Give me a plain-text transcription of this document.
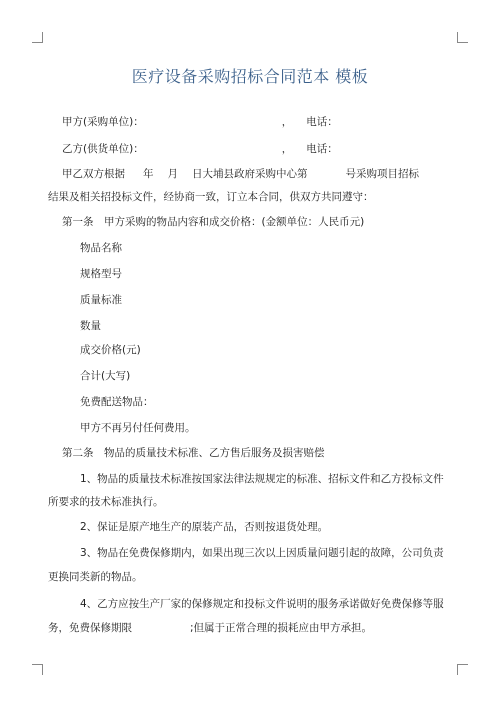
医疗设备采购招标合同范本 模板
甲方(采购单位)：	， 电话：
乙方(供货单位)：	， 电话：
甲乙双方根据 年 月 日大埔县政府采购中心第	号采购项目招标
结果及相关招投标文件，经协商一致，订立本合同，供双方共同遵守：
第一条　甲方采购的物品内容和成交价格：(金额单位：人民币元)
物品名称
规格型号
质量标准
数量
成交价格(元)
合计(大写)
免费配送物品：
甲方不再另付任何费用。
第二条　物品的质量技术标准、乙方售后服务及损害赔偿
1、物品的质量技术标准按国家法律法规规定的标准、招标文件和乙方投标文件
所要求的技术标准执行。
2、保证是原产地生产的原装产品，否则按退货处理。
3、物品在免费保修期内，如果出现三次以上因质量问题引起的故障，公司负责
更换同类新的物品。
4、乙方应按生产厂家的保修规定和投标文件说明的服务承诺做好免费保修等服
务，免费保修期限	;但属于正常合理的损耗应由甲方承担。
